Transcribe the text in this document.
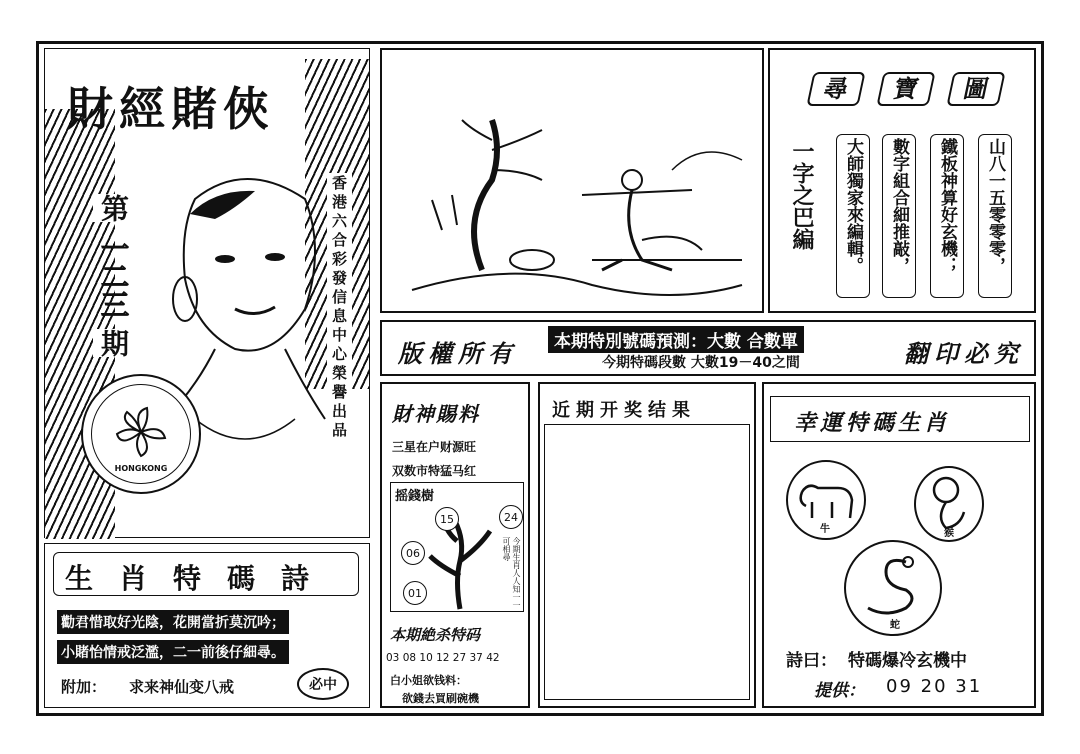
財經賭俠
第
一二三
期	香港六合彩發信息中心榮譽出品
HONGKONG
生肖特碼詩
勸君惜取好光陰，花開當折莫沉吟；
小賭怡情戒泛濫，二一前後仔細尋。
附加： 求来神仙变八戒	必中
尋	寶	圖
一字之巴編	大師獨家來編輯。	數字組合細推敲，	鐵板神算好玄機；	山八一五零零零，
版權所有	本期特別號碼預測：大數 合數單
今期特碼段數 大數19－40之間	翻印必究
財神賜料
三星在户财源旺
双数市特猛马红
摇錢樹
15	24
06
01	今期生肖人人知一一可相尋
本期絶杀特码
03 08 10 12 27 37 42
白小姐欲钱料：
欲錢去買刷碗機
近期开奖结果
幸運特碼生肖
牛	猴
蛇
詩曰： 特碼爆冷玄機中
提供： 09 20 31
